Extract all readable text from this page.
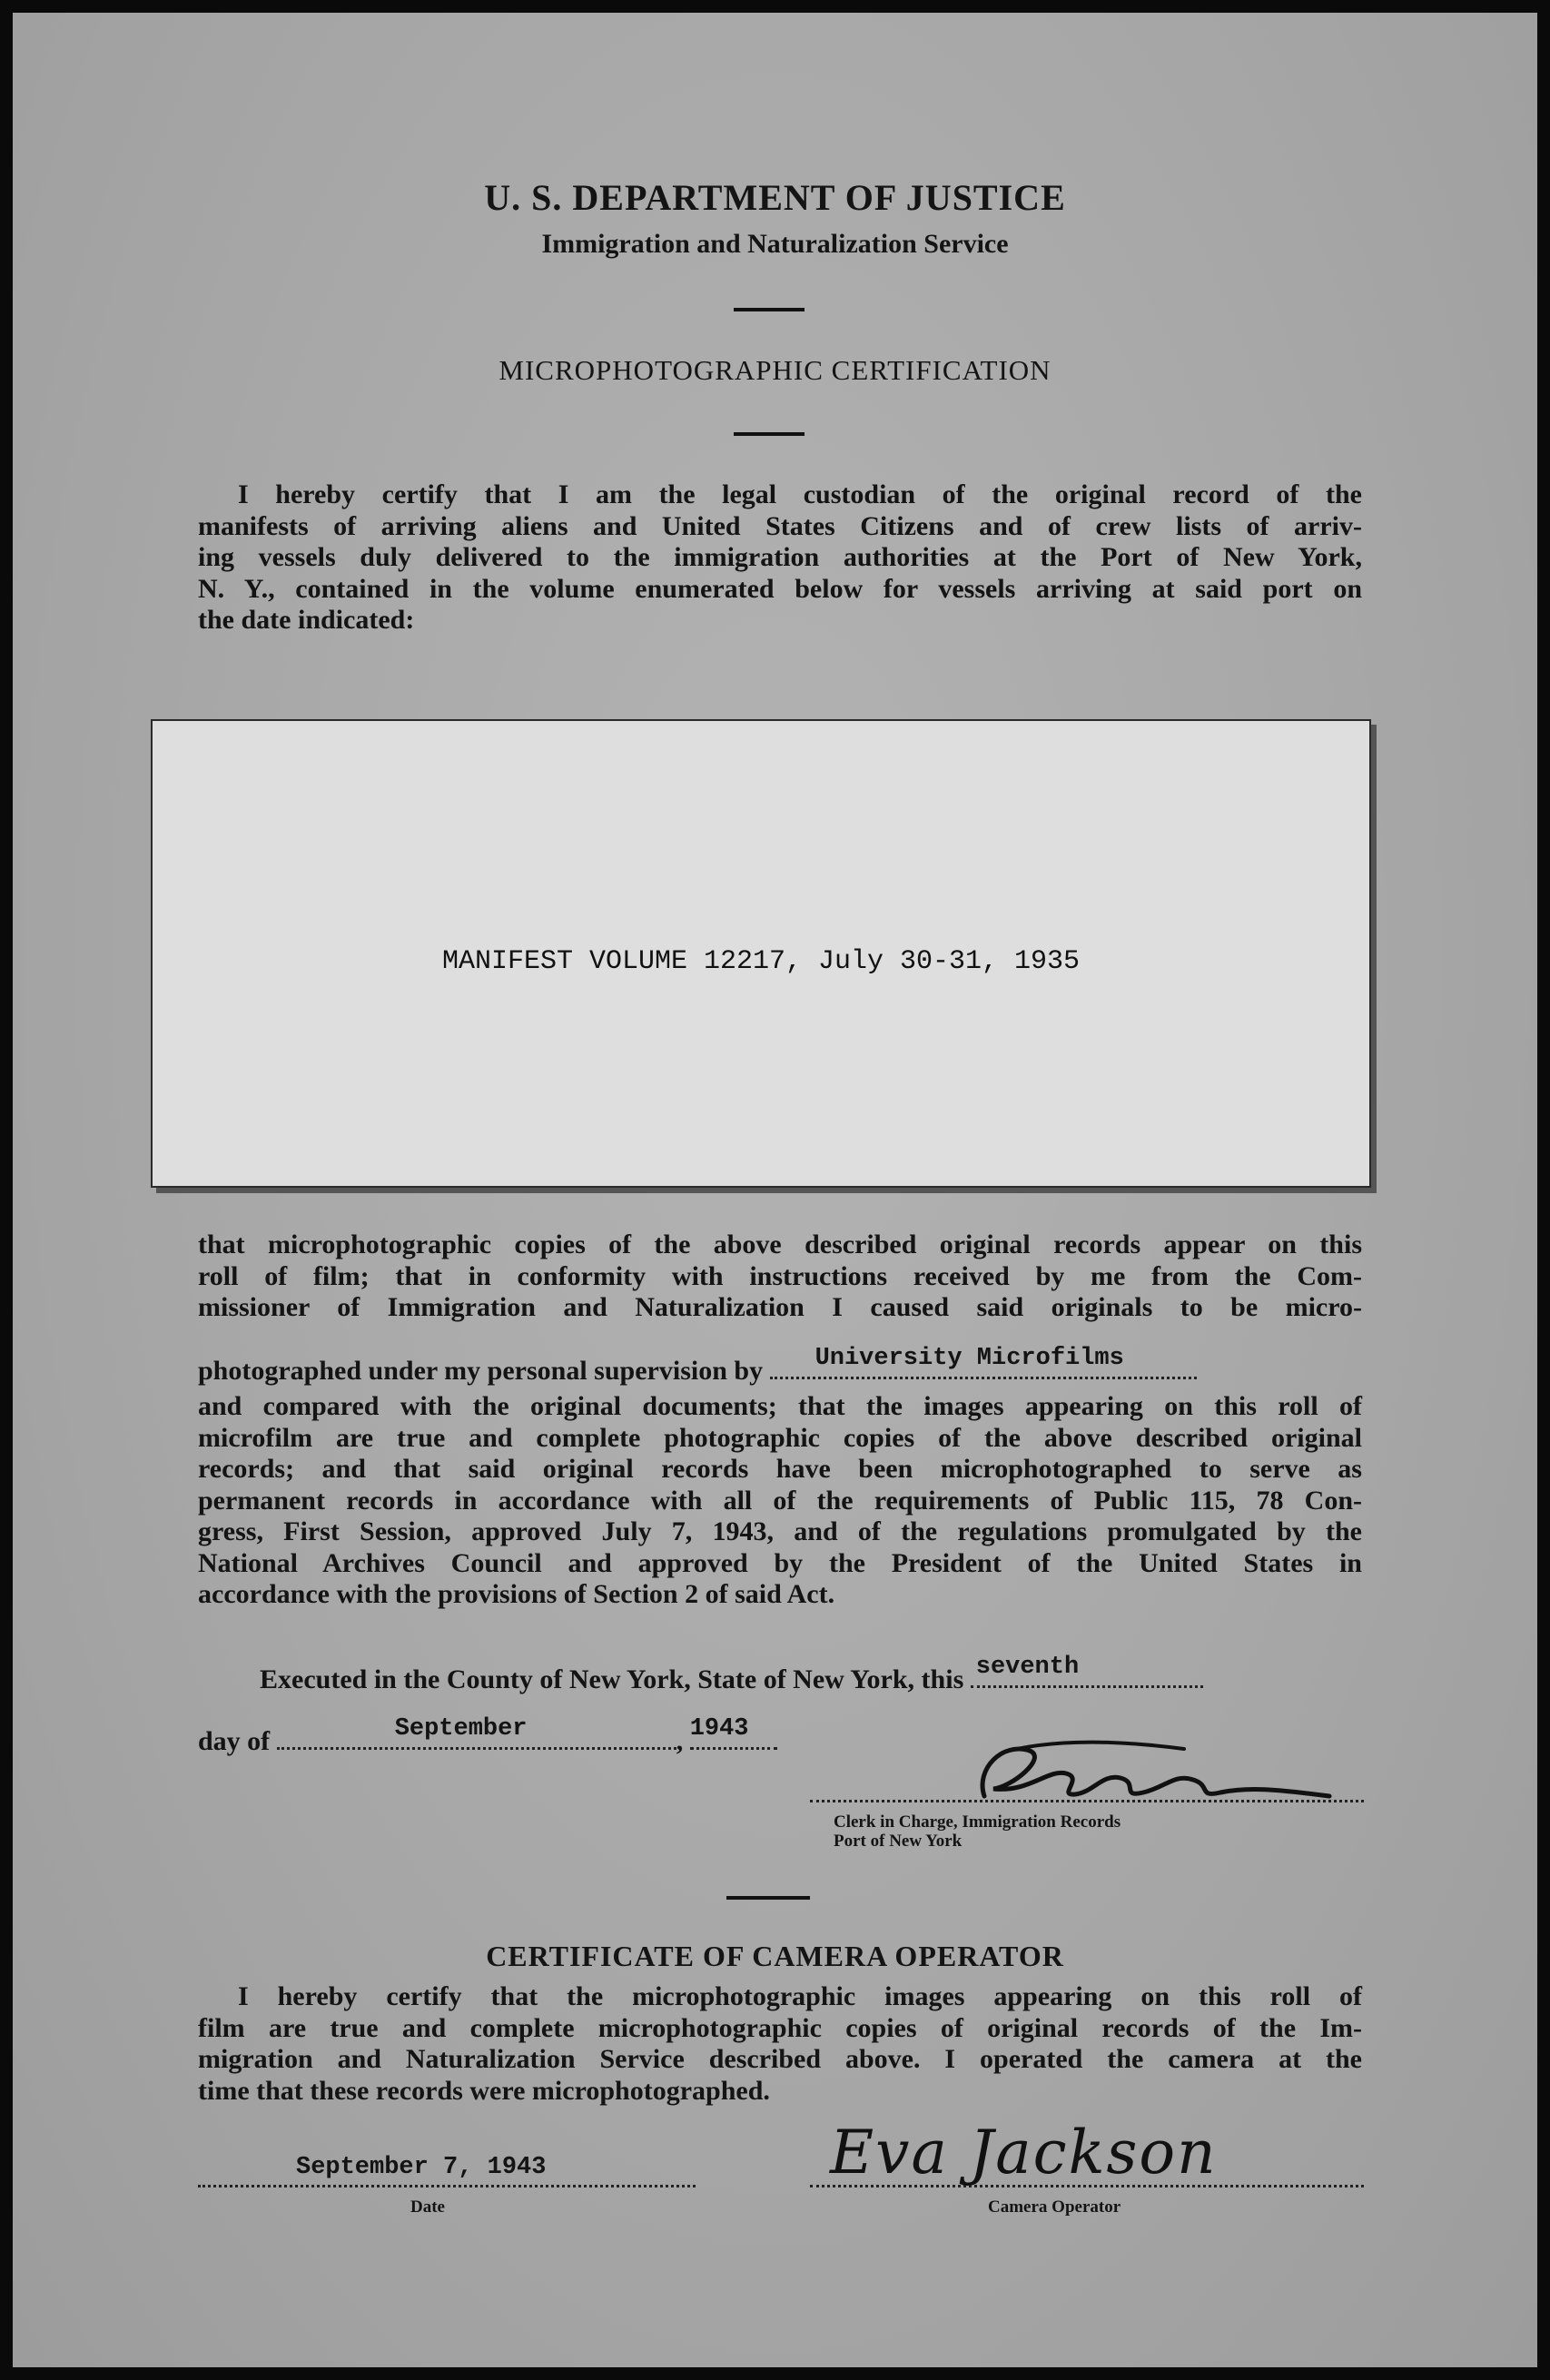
U. S. DEPARTMENT OF JUSTICE
Immigration and Naturalization Service
MICROPHOTOGRAPHIC CERTIFICATION
I hereby certify that I am the legal custodian of the original record of the
manifests of arriving aliens and United States Citizens and of crew lists of arriv-
ing vessels duly delivered to the immigration authorities at the Port of New York,
N. Y., contained in the volume enumerated below for vessels arriving at said port on
the date indicated:
MANIFEST VOLUME 12217, July 30-31, 1935
that microphotographic copies of the above described original records appear on this
roll of film; that in conformity with instructions received by me from the Com-
missioner of Immigration and Naturalization I caused said originals to be micro-
photographed under my personal supervision by University Microfilms
and compared with the original documents; that the images appearing on this roll of
microfilm are true and complete photographic copies of the above described original
records; and that said original records have been microphotographed to serve as
permanent records in accordance with all of the requirements of Public 115, 78 Con-
gress, First Session, approved July 7, 1943, and of the regulations promulgated by the
National Archives Council and approved by the President of the United States in
accordance with the provisions of Section 2 of said Act.
Executed in the County of New York, State of New York, this seventh
day of	September	, 1943
Clerk in Charge, Immigration Records
Port of New York
CERTIFICATE OF CAMERA OPERATOR
I hereby certify that the microphotographic images appearing on this roll of
film are true and complete microphotographic copies of original records of the Im-
migration and Naturalization Service described above. I operated the camera at the
time that these records were microphotographed.
September 7, 1943
Date
Eva Jackson
Camera Operator
